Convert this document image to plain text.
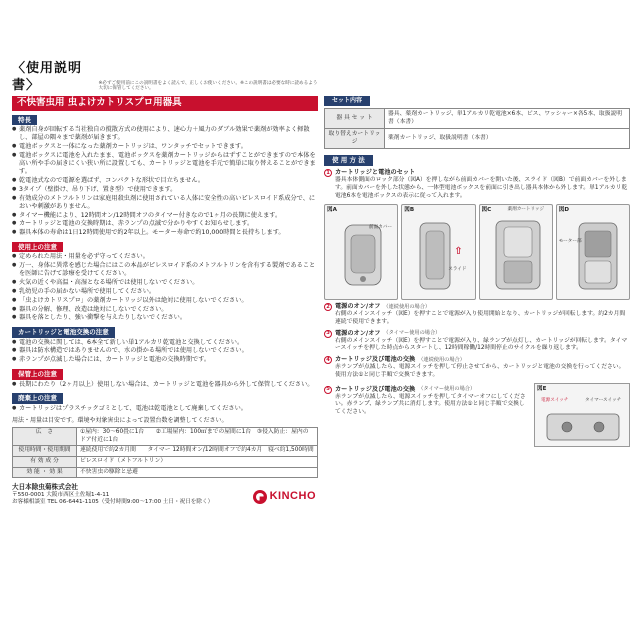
〈使用説明書〉	※必ずご使用前にこの説明書をよく読んで、正しくお使いください。※この説明書は必要な時に読めるよう大切に保管してください。
不快害虫用 虫よけカトリスプロ用器具
特長
● 薬剤自身が回転する当社独自の撹散方式の使用により、速心力＋風力のダブル効果で薬剤が効率よく揮散し、部屋の隅々まで薬剤が届きます。
● 電池ボックスと一体になった薬剤カートリッジは、ワンタッチでセットできます。
● 電池ボックスに電池を入れたまま、電池ボックスを薬剤カートリッジからはずすことができますので本体を高い所や手の届きにくい狭い所に設置しても、カートリッジと電池を手元で簡単に取り替えることができます。
● 乾電池式なので電源を選ばず、コンパクトな形状で目立ちません。
● 3タイプ（壁掛け、吊り下げ、置き型）で使用できます。
● 有効成分のメトフルトリンは家庭用殺虫剤に使用されている人体に安全性の高いピレスロイド系成分で、においや刺激がありません。
● タイマー機能により、12時間オン/12時間オフのタイマー付きなので1ヶ月の長期に使えます。
● カートリッジと電池の交換時期は、赤ランプの点滅で分かりやすくお知らせします。
● 器具本体の寿命は1日12時間使用で約2年以上。モーター寿命で約10,000時間と長持ちします。
使用上の注意
● 定められた用法・用量を必ず守ってください。
● 万一、身体に異常を感じた場合にはこの本品がピレスロイド系のメトフルトリンを含有する製剤であることを医師に告げて診療を受けてください。
● 火気の近くや高温・高湿となる場所では使用しないでください。
● 乳幼児の手の届かない場所で使用してください。
● 「虫よけカトリスプロ」の薬剤カートリッジ以外は絶対に使用しないでください。
● 器具の分解、修理、改造は絶対にしないでください。
● 器具を落としたり、強い衝撃を与えたりしないでください。
カートリッジと電池交換の注意
● 電池の交換に関しては、6本全て新しい単1アルカリ乾電池と交換してください。
● 器具は防水構造ではありませんので、水の掛かる場所では使用しないでください。
● 赤ランプが点滅した場合には、カートリッジと電池の交換時期です。
保管上の注意
● 長期にわたり（2ヶ月以上）使用しない場合は、カートリッジと電池を器具から外して保管してください。
廃棄上の注意
● カートリッジはプラスチックゴミとして、電池は乾電池として廃棄してください。
用法・用量は目安です。環境や対象害虫によって設置台数を調整してください。
広　さ	①屋内：30〜60畳に1台　　②工場屋内：100㎡までの屋間に1台　③侵入防止：屋内のドア付近に1台
使用時間・使用期間	連続使用で約2カ月間　　タイマー 12時間オン/12時間オフで約4カ月　寝べ約1,500時間
有 効 成 分	ピレスロイド（メトフルトリン）
効 能 ・ 効 果	不快害虫の駆除と忌避
大日本除虫菊株式会社
〒550-0001 大阪市西区土佐堀1-4-11
お客様相談室 TEL 06-6441-1105（受付時間9:00〜17:00 土日・祝日を除く）
KINCHO
セット内容
器 具 セ ッ ト	器具、薬剤カートリッジ、単1アルカリ乾電池×6本、ビス、ワッシャー×各5本、取扱説明書（本書）
取り替えカートリッジ	薬剤カートリッジ、取扱説明書（本書）
使 用 方 法
1 カートリッジと電池のセット
器具本体側面のロック部分（図A）を押しながら前面カバーを開いた後、スライド（図B）で前面カバーを外します。前面カバーを外した状態から、一体型電池ボックスを前面に引き出し器具本体から外します。単1アルカリ乾電池6本を電池ボックスの表示に従って入れます。
図A
前面カバー
図B
⇧
スライド
図C	薬剤カートリッジ	図D
モーター部
2 電源のオン/オフ （連続使用の場合）
右側のメインスイッチ（図E）を押すことで電源が入り使用開始となり、カートリッジが回転します。約2カ月間連続で使用できます。
3 電源のオン/オフ （タイマー使用の場合）
右側のメインスイッチ（図E）を押すことで電源が入り、緑ランプが点灯し、カートリッジが回転します。タイマースイッチを押した時点からスタートし、12時間稼働/12時間停止のサイクルを繰り返します。
4 カートリッジ及び電池の交換 （連続使用の場合）
赤ランプが点滅したら、電源スイッチを押して停止させてから、カートリッジと電池の交換を行ってください。使用方法①と同じ手順で交換できます。
5 カートリッジ及び電池の交換 （タイマー使用の場合）
赤ランプが点滅したら、電源スイッチを押してタイマーオフにしてください。赤ランプ、緑ランプ共に消灯します。使用方法①と同じ手順で交換してください。
図E
電源スイッチ	タイマースイッチ
